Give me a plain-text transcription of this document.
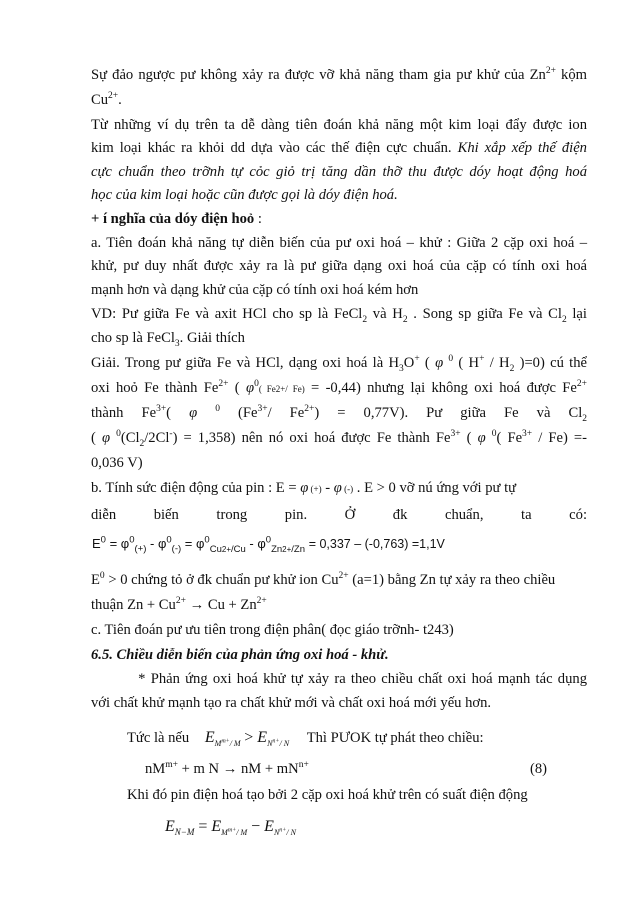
Sự đảo ngược pư không xảy ra được vỡ khả năng tham gia pư khử của $Zn^{2+}$ kộm
$Cu^{2+}$.
Từ những ví dụ trên ta dễ dàng tiên đoán khả năng một kim loại đẩy được ion
kim loại khác ra khỏi dd dựa vào các thế điện cực chuẩn. Khi xắp xếp thế điện
cực chuẩn theo trỡnh tự cỏc giỏ trị tăng dần thỡ thu được dóy hoạt động hoá
học của kim loại hoặc cũn được gọi là dóy điện hoá.
+ í nghĩa của dóy điện hoỏ :
a. Tiên đoán khả năng tự diễn biến của pư oxi hoá – khử : Giữa 2 cặp oxi hoá –
khử, pư duy nhất được xảy ra là pư giữa dạng oxi hoá của cặp có tính oxi hoá
mạnh hơn và dạng khử của cặp có tính oxi hoá kém hơn
VD: Pư giữa Fe và axit HCl cho sp là FeCl$_2$ và $H_2$ . Song sp giữa Fe và $Cl_2$ lại
cho sp là FeCl$_3$. Giải thích
Giải. Trong pư giữa Fe và HCl, dạng oxi hoá là $H_3O^+$ ( φ $^0$ ( $H^+ / H_2$ )=0) cú thể
oxi hoỏ Fe thành $Fe^{2+}$ ( $\varphi^0$( Fe2+/ Fe) = -0,44) nhưng lại không oxi hoá được $Fe^{2+}$
thành $Fe^{3+}$( φ $^0$ ($Fe^{3+}/$ $Fe^{2+}) = 0,77V$). Pư giữa Fe và $Cl_2$
( φ $^0(Cl_2/2Cl^-) = 1,358$) nên nó oxi hoá được Fe thành $Fe^{3+}$ ( φ $^0$( $Fe^{3+} / Fe$) =-
0,036 V)
b. Tính sức điện động của pin : E = φ (+) - φ (-) . E > 0 vỡ nú ứng với pư tự
diễn biến trong pin. Ở đk chuẩn, ta có:
$E^0 = \varphi^0_{(+)} - \varphi^0_{(-)} = \varphi^0_{Cu2+/Cu} - \varphi^0_{Zn2+/Zn} = 0,337 - (-0,763) =1,1V$
$E^0 > 0$ chứng tỏ ở đk chuẩn pư khử ion $Cu^{2+}$ (a=1) bằng Zn tự xảy ra theo chiều
thuận $Zn + Cu^{2+} \to Cu + Zn^{2+}$
c. Tiên đoán pư ưu tiên trong điện phân( đọc giáo trỡnh- t243)
6.5. Chiều diễn biến của phản ứng oxi hoá - khử.
* Phản ứng oxi hoá khử tự xảy ra theo chiều chất oxi hoá mạnh tác dụng
với chất khử mạnh tạo ra chất khử mới và chất oxi hoá mới yếu hơn.
Tức là nếu $E_{M^{m+}/ M} > E_{N^{n+}/ N}$ Thì PƯOK tự phát theo chiều:
$nM^{m+} + m$ N → nM + $mN^{n+}$	(8)
Khi đó pin điện hoá tạo bởi 2 cặp oxi hoá khử trên có suất điện động
$E_{N-M} = E_{M^{m+}/ M} - E_{N^{n+}/ N}$
